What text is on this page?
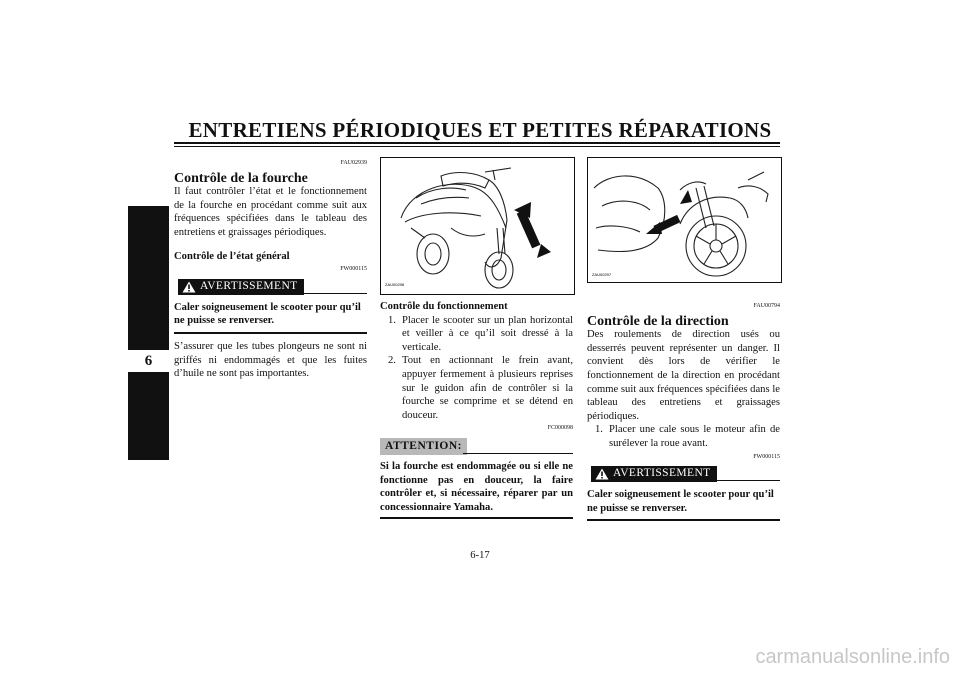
ENTRETIENS PÉRIODIQUES ET PETITES RÉPARATIONS
6
FAU02939
Contrôle de la fourche
Il faut contrôler l’état et le fonctionnement de la fourche en procédant comme suit aux fréquences spécifiées dans le tableau des entretiens et graissages périodiques.
Contrôle de l’état général
FW000115
AVERTISSEMENT
Caler soigneusement le scooter pour qu’il ne puisse se renverser.
S’assurer que les tubes plongeurs ne sont ni griffés ni endommagés et que les fuites d’huile ne sont pas importantes.
ZAU00298
Contrôle du fonctionnement
1. Placer le scooter sur un plan horizontal et veiller à ce qu’il soit dressé à la verticale.
2. Tout en actionnant le frein avant, appuyer fermement à plusieurs reprises sur le guidon afin de contrôler si la fourche se comprime et se détend en douceur.
FC000098
ATTENTION:
Si la fourche est endommagée ou si elle ne fonctionne pas en douceur, la faire contrôler et, si nécessaire, réparer par un concessionnaire Yamaha.
ZAU00297
FAU00794
Contrôle de la direction
Des roulements de direction usés ou desserrés peuvent représenter un danger. Il convient dès lors de vérifier le fonctionnement de la direction en procédant comme suit aux fréquences spécifiées dans le tableau des entretiens et graissages périodiques.
1. Placer une cale sous le moteur afin de surélever la roue avant.
FW000115
AVERTISSEMENT
Caler soigneusement le scooter pour qu’il ne puisse se renverser.
6-17
carmanualsonline.info
